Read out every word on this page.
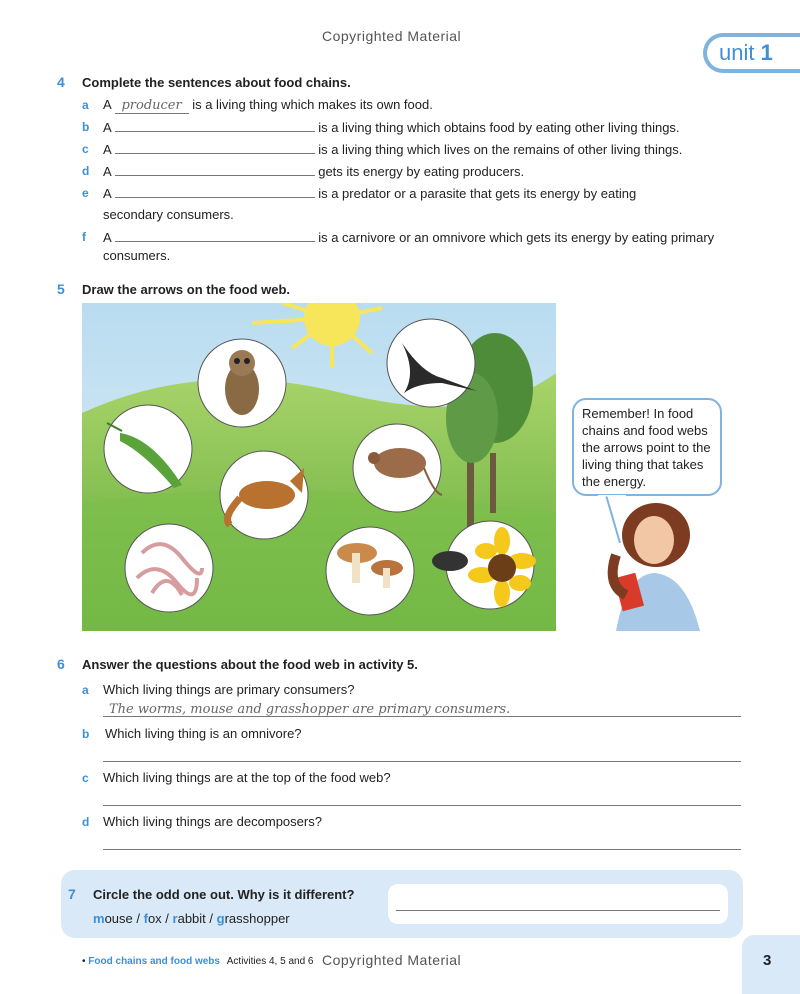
Copyrighted Material
unit 1
4 Complete the sentences about food chains.
a A producer is a living thing which makes its own food.
b A	is a living thing which obtains food by eating other living things.
c A	is a living thing which lives on the remains of other living things.
d A	gets its energy by eating producers.
e A	is a predator or a parasite that gets its energy by eating
secondary consumers.
f A	is a carnivore or an omnivore which gets its energy by eating primary
consumers.
5 Draw the arrows on the food web.
Remember! In food chains and food webs the arrows point to the living thing that takes the energy.
6 Answer the questions about the food web in activity 5.
a Which living things are primary consumers?
The worms, mouse and grasshopper are primary consumers.
b Which living thing is an omnivore?
c Which living things are at the top of the food web?
d Which living things are decomposers?
7 Circle the odd one out. Why is it different?
mouse / fox / rabbit / grasshopper
• Food chains and food webs Activities 4, 5 and 6 Copyrighted Material	3
